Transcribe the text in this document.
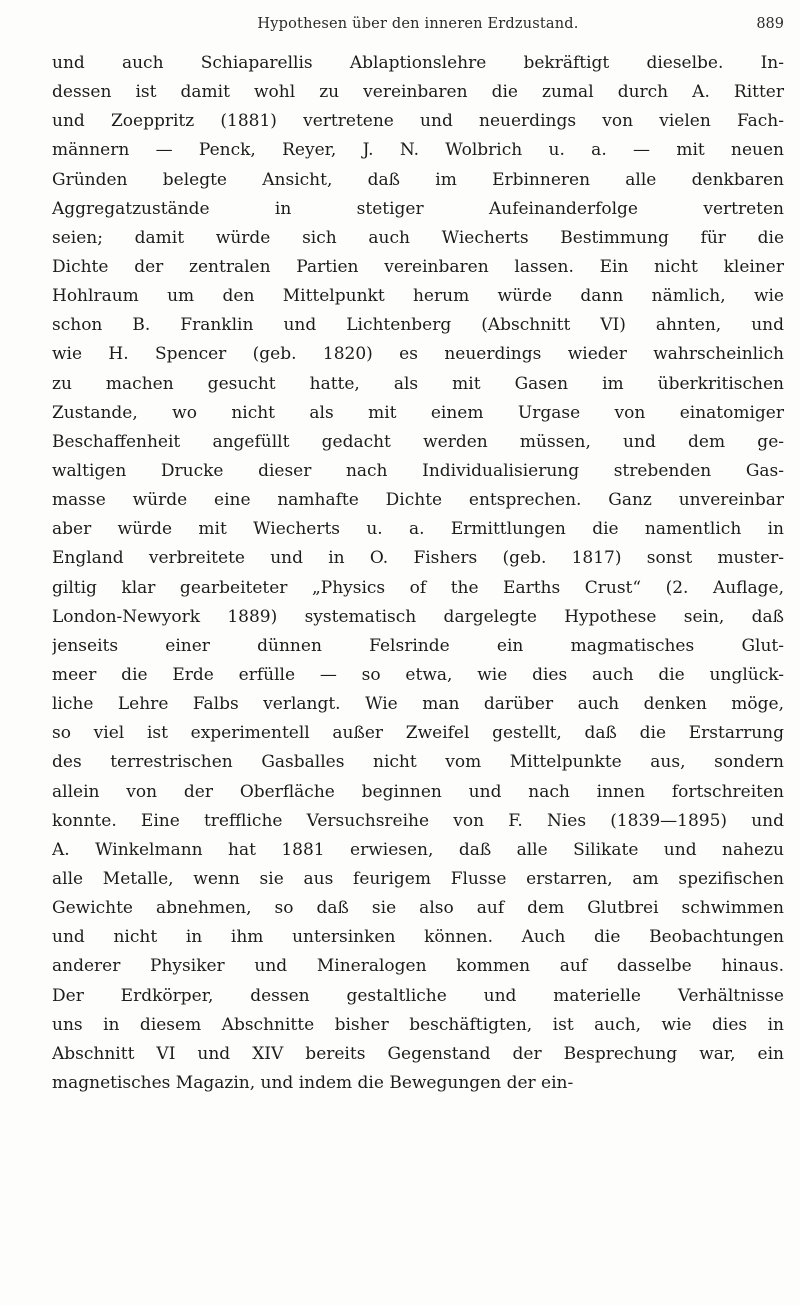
Hypothesen über den inneren Erdzustand.	889
und auch Schiaparellis Ablaptionslehre bekräftigt dieselbe. In-
dessen ist damit wohl zu vereinbaren die zumal durch A. Ritter
und Zoeppritz (1881) vertretene und neuerdings von vielen Fach-
männern — Penck, Reyer, J. N. Wolbrich u. a. — mit neuen
Gründen belegte Ansicht, daß im Erbinneren alle denkbaren
Aggregatzustände in stetiger Aufeinanderfolge vertreten
seien; damit würde sich auch Wiecherts Bestimmung für die
Dichte der zentralen Partien vereinbaren lassen. Ein nicht kleiner
Hohlraum um den Mittelpunkt herum würde dann nämlich, wie
schon B. Franklin und Lichtenberg (Abschnitt VI) ahnten, und
wie H. Spencer (geb. 1820) es neuerdings wieder wahrscheinlich
zu machen gesucht hatte, als mit Gasen im überkritischen
Zustande, wo nicht als mit einem Urgase von einatomiger
Beschaffenheit angefüllt gedacht werden müssen, und dem ge-
waltigen Drucke dieser nach Individualisierung strebenden Gas-
masse würde eine namhafte Dichte entsprechen. Ganz unvereinbar
aber würde mit Wiecherts u. a. Ermittlungen die namentlich in
England verbreitete und in O. Fishers (geb. 1817) sonst muster-
giltig klar gearbeiteter „Physics of the Earths Crust“ (2. Auflage,
London-Newyork 1889) systematisch dargelegte Hypothese sein, daß
jenseits einer dünnen Felsrinde ein magmatisches Glut-
meer die Erde erfülle — so etwa, wie dies auch die unglück-
liche Lehre Falbs verlangt. Wie man darüber auch denken möge,
so viel ist experimentell außer Zweifel gestellt, daß die Erstarrung
des terrestrischen Gasballes nicht vom Mittelpunkte aus, sondern
allein von der Oberfläche beginnen und nach innen fortschreiten
konnte. Eine treffliche Versuchsreihe von F. Nies (1839—1895) und
A. Winkelmann hat 1881 erwiesen, daß alle Silikate und nahezu
alle Metalle, wenn sie aus feurigem Flusse erstarren, am spezifischen
Gewichte abnehmen, so daß sie also auf dem Glutbrei schwimmen
und nicht in ihm untersinken können. Auch die Beobachtungen
anderer Physiker und Mineralogen kommen auf dasselbe hinaus.
Der Erdkörper, dessen gestaltliche und materielle Verhältnisse
uns in diesem Abschnitte bisher beschäftigten, ist auch, wie dies in
Abschnitt VI und XIV bereits Gegenstand der Besprechung war, ein
magnetisches Magazin, und indem die Bewegungen der ein-
